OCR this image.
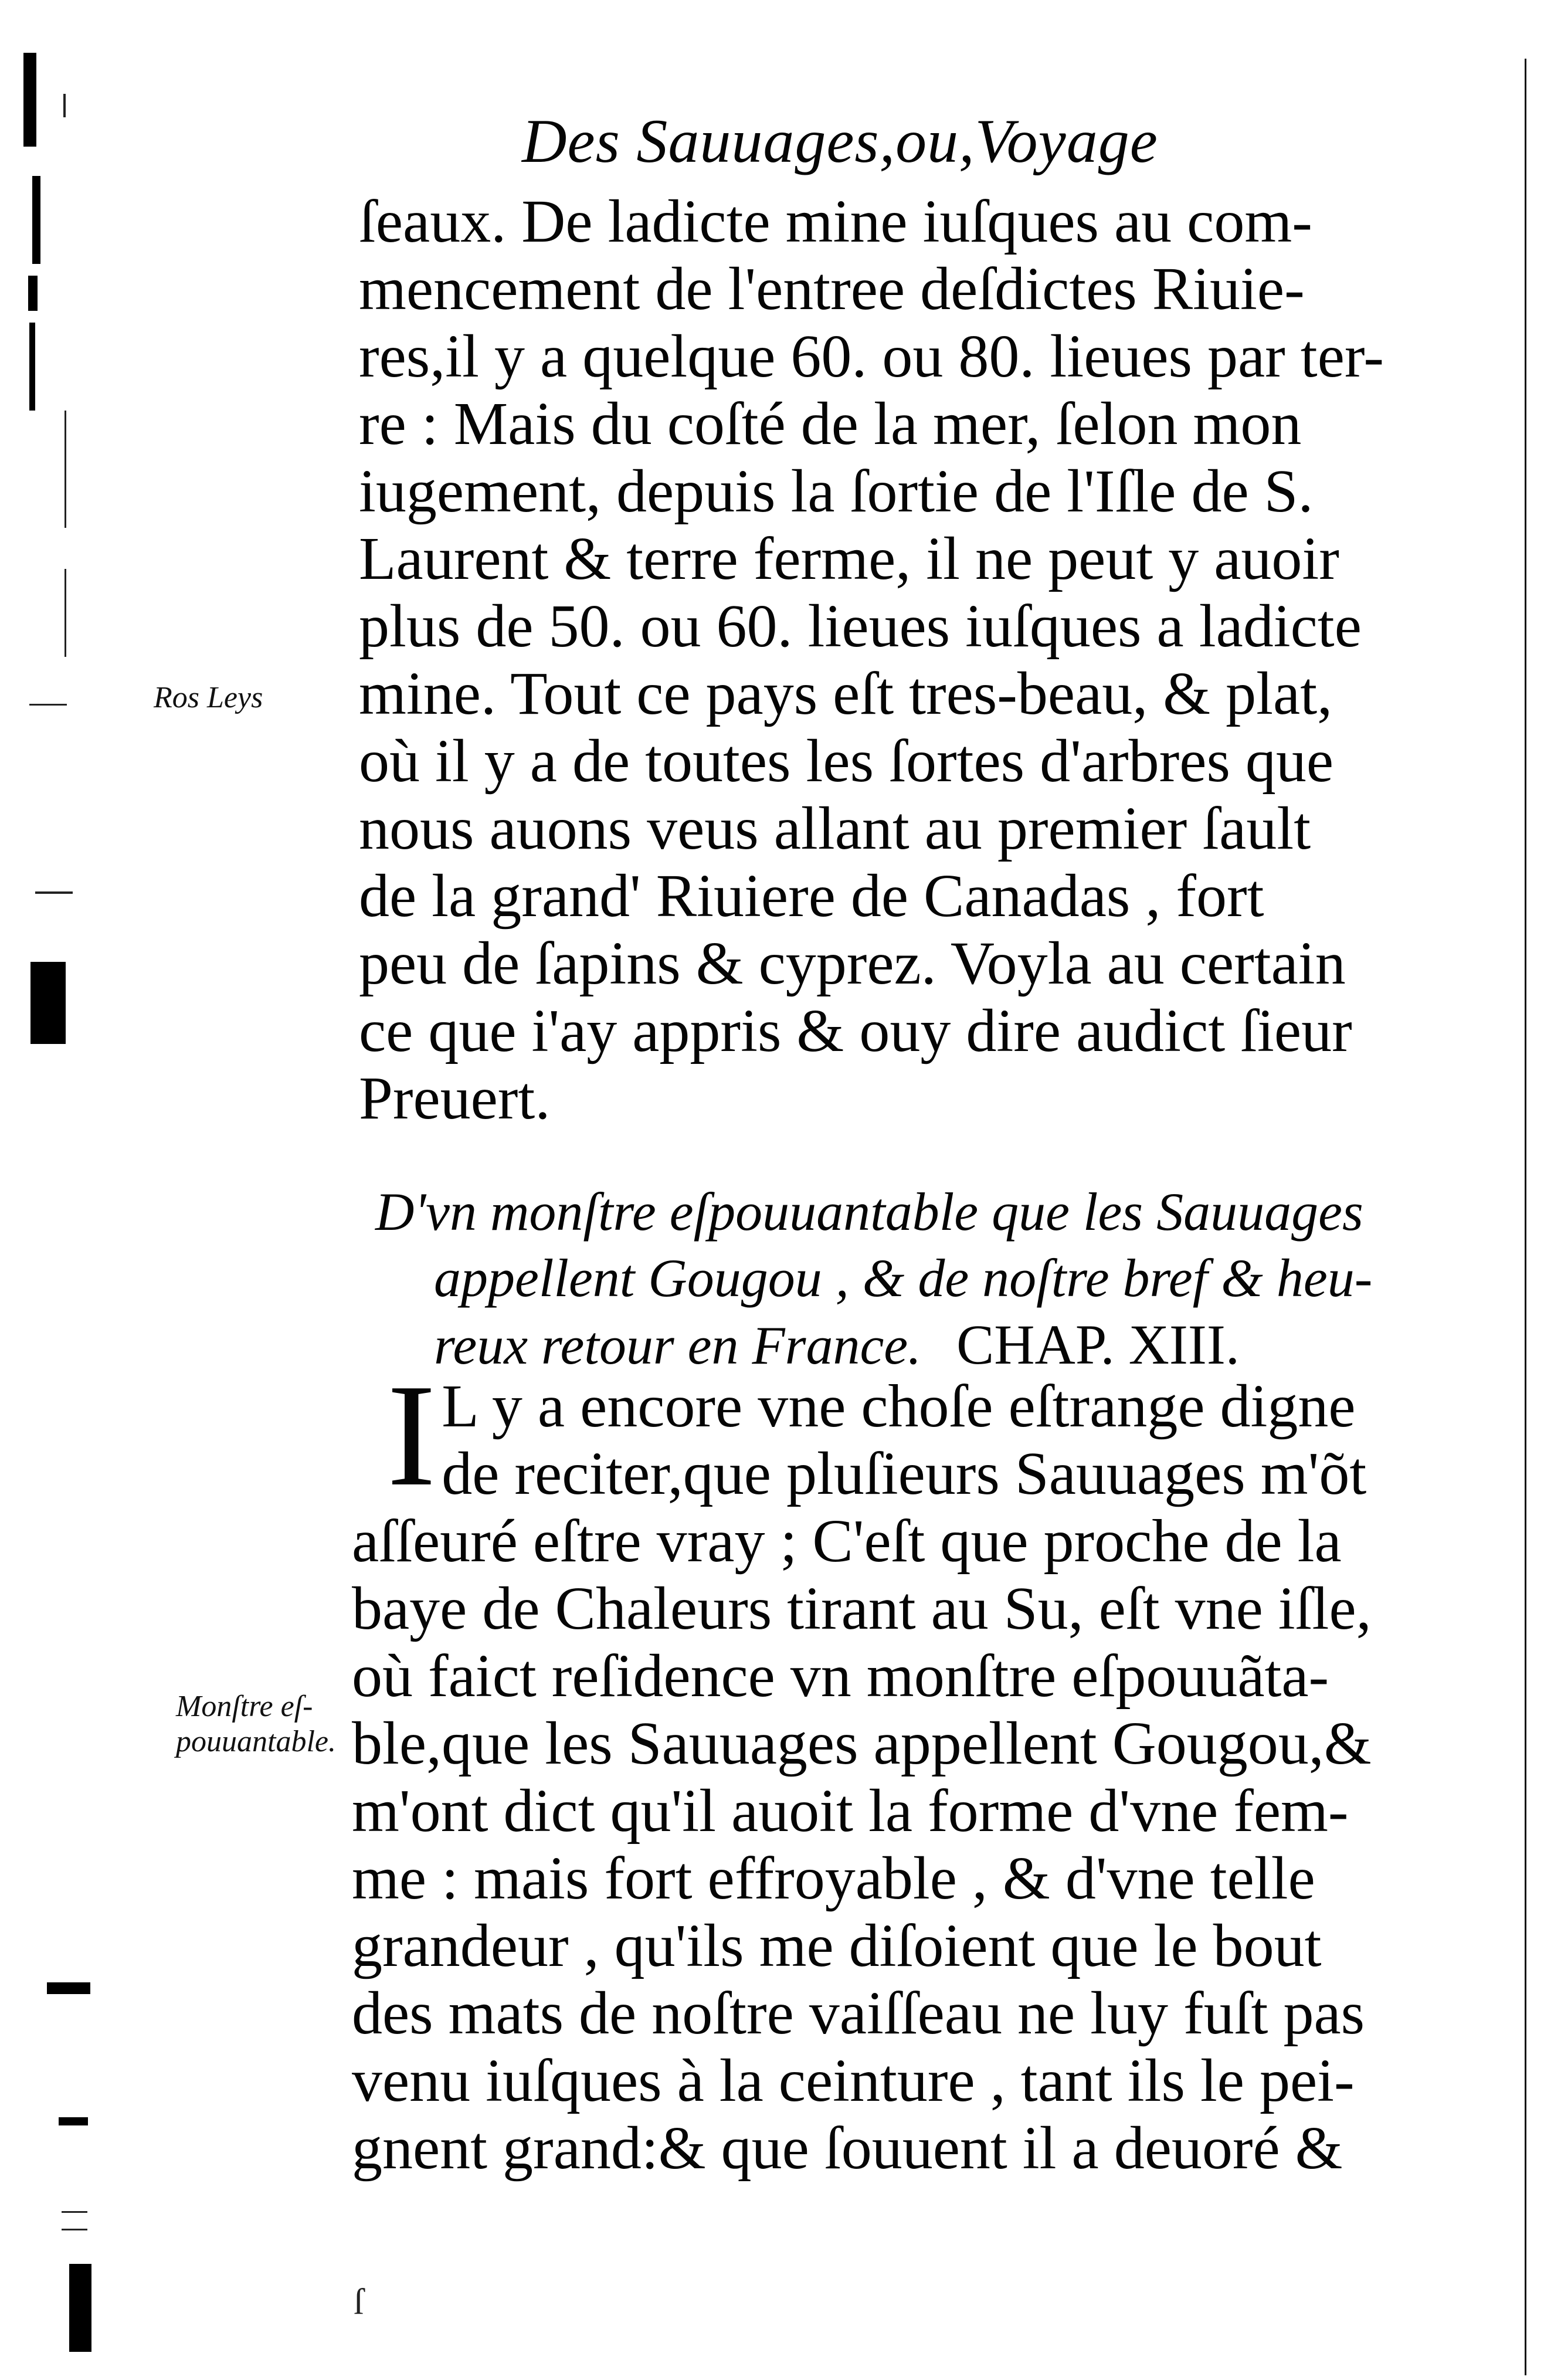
Des Sauuages,ou,Voyage
ſeaux. De ladicte mine iuſques au com-
mencement de l'entree deſdictes Riuie-
res,il y a quelque 60. ou 80. lieues par ter-
re : Mais du coſté de la mer, ſelon mon
iugement, depuis la ſortie de l'Iſle de S.
Laurent & terre ferme, il ne peut y auoir
plus de 50. ou 60. lieues iuſques a ladicte
mine. Tout ce pays eſt tres-beau, & plat,
où il y a de toutes les ſortes d'arbres que
nous auons veus allant au premier ſault
de la grand' Riuiere de Canadas , fort
peu de ſapins & cyprez. Voyla au certain
ce que i'ay appris & ouy dire audict ſieur
Preuert.
Ros Leys
D'vn monſtre eſpouuantable que les Sauuages
appellent Gougou , & de noſtre bref & heu-
reux retour en France. CHAP. XIII.
I L y a encore vne choſe eſtrange digne
de reciter,que pluſieurs Sauuages m'õt
aſſeuré eſtre vray ; C'eſt que proche de la
baye de Chaleurs tirant au Su, eſt vne iſle,
où faict reſidence vn monſtre eſpouuãta-
ble,que les Sauuages appellent Gougou,&
m'ont dict qu'il auoit la forme d'vne fem-
me : mais fort effroyable , & d'vne telle
grandeur , qu'ils me diſoient que le bout
des mats de noſtre vaiſſeau ne luy fuſt pas
venu iuſques à la ceinture , tant ils le pei-
gnent grand:& que ſouuent il a deuoré &
Monſtre eſ-
pouuantable.
ſ
